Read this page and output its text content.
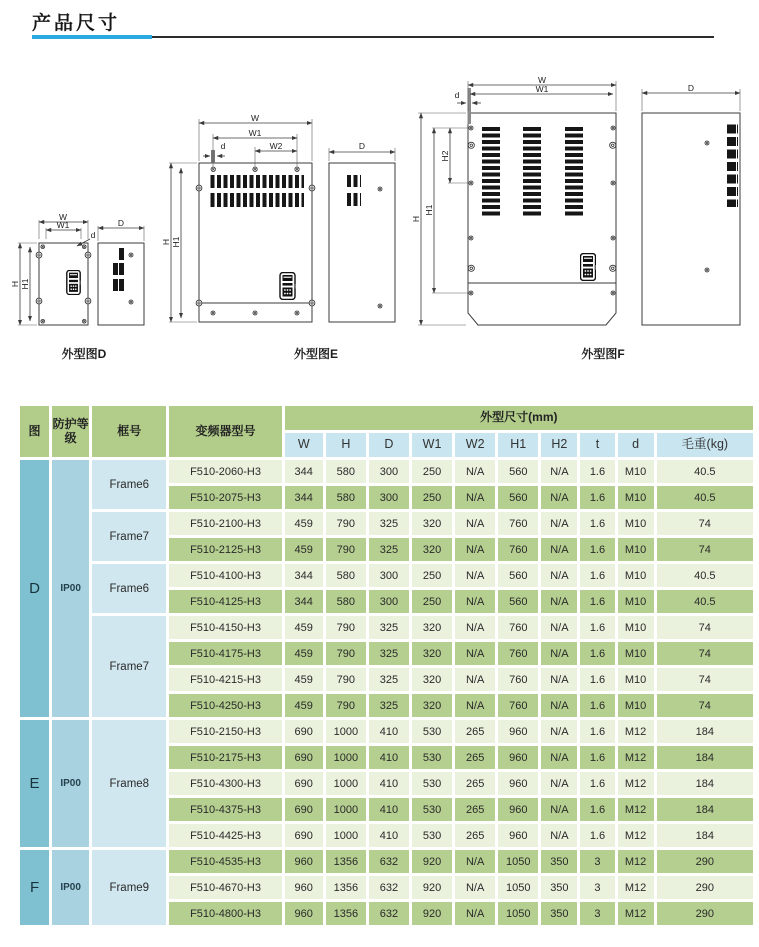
产品尺寸
W
W1
d
H H1
D
W
W1
W2
d
H H1
D
W
W1
d
H
H1
H2
D
外型图D	外型图E	外型图F
图	防护等级	框号	变频器型号	外型尺寸(mm)									
				W	H	D	W1	W2	H1	H2	t	d	毛重(kg)
D	IP00	Frame6	F510-2060-H3	344	580	300	250	N/A	560	N/A	1.6	M10	40.5
			F510-2075-H3	344	580	300	250	N/A	560	N/A	1.6	M10	40.5
		Frame7	F510-2100-H3	459	790	325	320	N/A	760	N/A	1.6	M10	74
			F510-2125-H3	459	790	325	320	N/A	760	N/A	1.6	M10	74
		Frame6	F510-4100-H3	344	580	300	250	N/A	560	N/A	1.6	M10	40.5
			F510-4125-H3	344	580	300	250	N/A	560	N/A	1.6	M10	40.5
		Frame7	F510-4150-H3	459	790	325	320	N/A	760	N/A	1.6	M10	74
			F510-4175-H3	459	790	325	320	N/A	760	N/A	1.6	M10	74
			F510-4215-H3	459	790	325	320	N/A	760	N/A	1.6	M10	74
			F510-4250-H3	459	790	325	320	N/A	760	N/A	1.6	M10	74
E	IP00	Frame8	F510-2150-H3	690	1000	410	530	265	960	N/A	1.6	M12	184
			F510-2175-H3	690	1000	410	530	265	960	N/A	1.6	M12	184
			F510-4300-H3	690	1000	410	530	265	960	N/A	1.6	M12	184
			F510-4375-H3	690	1000	410	530	265	960	N/A	1.6	M12	184
			F510-4425-H3	690	1000	410	530	265	960	N/A	1.6	M12	184
F	IP00	Frame9	F510-4535-H3	960	1356	632	920	N/A	1050	350	3	M12	290
			F510-4670-H3	960	1356	632	920	N/A	1050	350	3	M12	290
			F510-4800-H3	960	1356	632	920	N/A	1050	350	3	M12	290
